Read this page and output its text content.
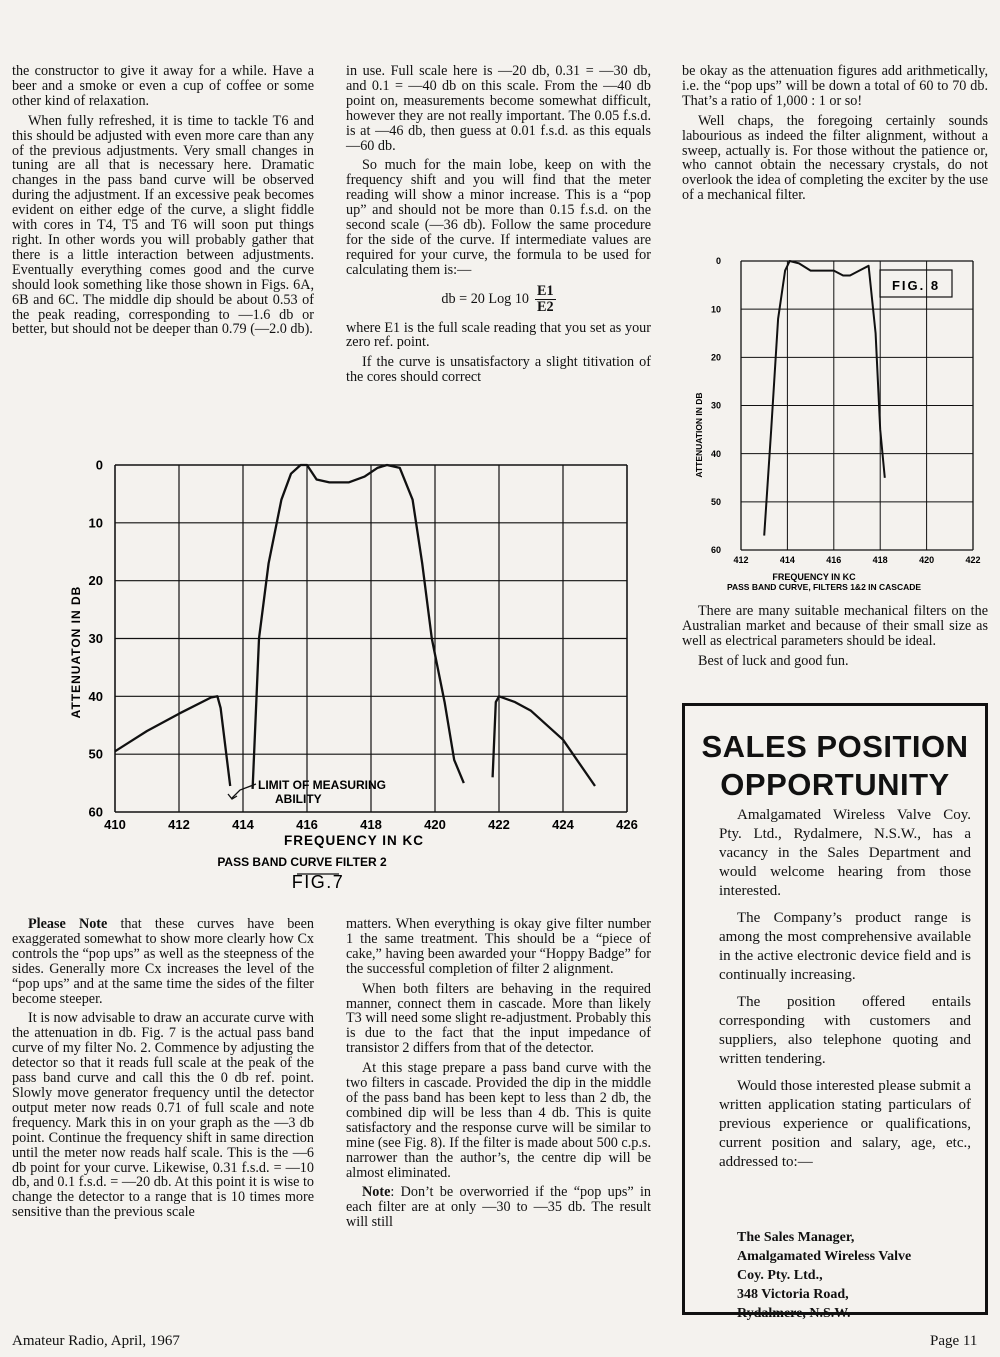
the constructor to give it away for a while. Have a beer and a smoke or even a cup of coffee or some other kind of relaxation.

When fully refreshed, it is time to tackle T6 and this should be adjusted with even more care than any of the previous adjustments. Very small changes in tuning are all that is necessary here. Dramatic changes in the pass band curve will be observed during the adjustment. If an excessive peak becomes evident on either edge of the curve, a slight fiddle with cores in T4, T5 and T6 will soon put things right. In other words you will probably gather that there is a little interaction between adjustments. Eventually everything comes good and the curve should look something like those shown in Figs. 6A, 6B and 6C. The middle dip should be about 0.53 of the peak reading, corresponding to —1.6 db or better, but should not be deeper than 0.79 (—2.0 db).

in use. Full scale here is —20 db, 0.31 = —30 db, and 0.1 = —40 db on this scale. From the —40 db point on, measurements become somewhat difficult, however they are not really important. The 0.05 f.s.d. is at —46 db, then guess at 0.01 f.s.d. as this equals —60 db.

So much for the main lobe, keep on with the frequency shift and you will find that the meter reading will show a minor increase. This is a “pop up” and should not be more than 0.15 f.s.d. on the second scale (—36 db). Follow the same procedure for the side of the curve. If intermediate values are required for your curve, the formula to be used for calculating them is:—

db = 20 Log $10 \frac{E1}{E2}$

where E1 is the full scale reading that you set as your zero ref. point.

If the curve is unsatisfactory a slight titivation of the cores should correct

be okay as the attenuation figures add arithmetically, i.e. the “pop ups” will be down a total of 60 to 70 db. That’s a ratio of 1,000 : 1 or so!

Well chaps, the foregoing certainly sounds labourious as indeed the filter alignment, without a sweep, actually is. For those without the patience or, who cannot obtain the necessary crystals, do not overlook the idea of completing the exciter by the use of a mechanical filter.

0
10
20
30
40
50
60
412	414	416	418	420	422
FIG. 8
ATTENUATION IN DB
FREQUENCY IN KC
PASS BAND CURVE, FILTERS 1&2 IN CASCADE

There are many suitable mechanical filters on the Australian market and because of their small size as well as electrical parameters should be ideal.

Best of luck and good fun.

0
10
20
30
40
50
60
410	412	414	416	418	420	422	424	426
ATTENUATON IN DB
FREQUENCY IN KC
PASS BAND CURVE FILTER 2
FIG.7
LIMIT OF MEASURING
ABILITY

Please Note that these curves have been exaggerated somewhat to show more clearly how Cx controls the “pop ups” as well as the steepness of the sides. Generally more Cx increases the level of the “pop ups” and at the same time the sides of the filter become steeper.

It is now advisable to draw an accurate curve with the attenuation in db. Fig. 7 is the actual pass band curve of my filter No. 2. Commence by adjusting the detector so that it reads full scale at the peak of the pass band curve and call this the 0 db ref. point. Slowly move generator frequency until the detector output meter now reads 0.71 of full scale and note frequency. Mark this in on your graph as the —3 db point. Continue the frequency shift in same direction until the meter now reads half scale. This is the —6 db point for your curve. Likewise, 0.31 f.s.d. = —10 db, and 0.1 f.s.d. = —20 db. At this point it is wise to change the detector to a range that is 10 times more sensitive than the previous scale

matters. When everything is okay give filter number 1 the same treatment. This should be a “piece of cake,” having been awarded your “Hoppy Badge” for the successful completion of filter 2 alignment.

When both filters are behaving in the required manner, connect them in cascade. More than likely T3 will need some slight re-adjustment. Probably this is due to the fact that the input impedance of transistor 2 differs from that of the detector.

At this stage prepare a pass band curve with the two filters in cascade. Provided the dip in the middle of the pass band has been kept to less than 2 db, the combined dip will be less than 4 db. This is quite satisfactory and the response curve will be similar to mine (see Fig. 8). If the filter is made about 500 c.p.s. narrower than the author’s, the centre dip will be almost eliminated.

Note: Don’t be overworried if the “pop ups” in each filter are at only —30 to —35 db. The result will still

SALES POSITION
OPPORTUNITY

Amalgamated Wireless Valve Coy. Pty. Ltd., Rydalmere, N.S.W., has a vacancy in the Sales Department and would welcome hearing from those interested.

The Company’s product range is among the most comprehensive available in the active electronic device field and is continually increasing.

The position offered entails corresponding with customers and suppliers, also telephone quoting and written tendering.

Would those interested please submit a written application stating particulars of previous experience or qualifications, current position and salary, age, etc., addressed to:—

The Sales Manager,
Amalgamated Wireless Valve
Coy. Pty. Ltd.,
348 Victoria Road,
Rydalmere, N.S.W.
Amateur Radio, April, 1967	Page 11
